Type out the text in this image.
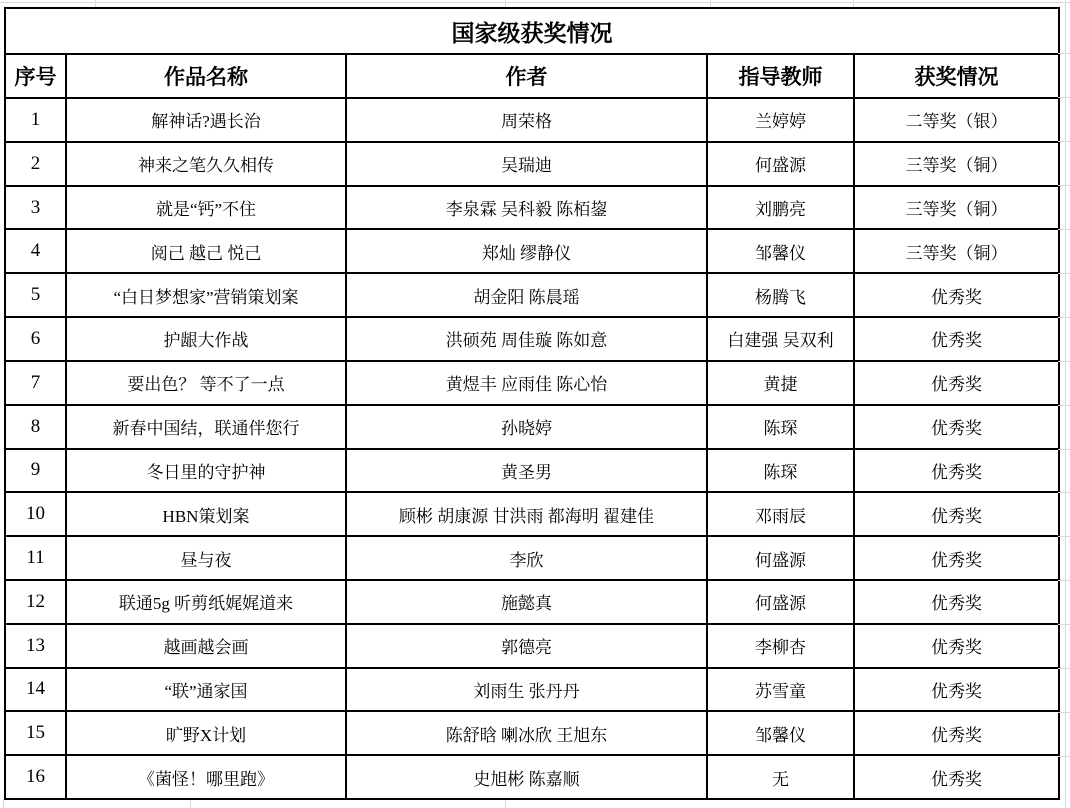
国家级获奖情况				
序号	作品名称	作者	指导教师	获奖情况
1	解神话?遇长治	周荣格	兰婷婷	二等奖（银）
2	神来之笔久久相传	吴瑞迪	何盛源	三等奖（铜）
3	就是“钙”不住	李泉霖 吴科毅 陈栢鋆	刘鹏亮	三等奖（铜）
4	阅己 越己 悦己	郑灿 缪静仪	邹馨仪	三等奖（铜）
5	“白日梦想家”营销策划案	胡金阳 陈晨瑶	杨腾飞	优秀奖
6	护龈大作战	洪硕苑 周佳璇 陈如意	白建强 吴双利	优秀奖
7	要出色？ 等不了一点	黄煜丰 应雨佳 陈心怡	黄捷	优秀奖
8	新春中国结，联通伴您行	孙晓婷	陈琛	优秀奖
9	冬日里的守护神	黄圣男	陈琛	优秀奖
10	HBN策划案	顾彬 胡康源 甘洪雨 都海明 翟建佳	邓雨辰	优秀奖
11	昼与夜	李欣	何盛源	优秀奖
12	联通5g 听剪纸娓娓道来	施懿真	何盛源	优秀奖
13	越画越会画	郭德亮	李柳杏	优秀奖
14	“联”通家国	刘雨生 张丹丹	苏雪童	优秀奖
15	旷野X计划	陈舒晗 喇冰欣 王旭东	邹馨仪	优秀奖
16	《菌怪！哪里跑》	史旭彬 陈嘉顺	无	优秀奖
